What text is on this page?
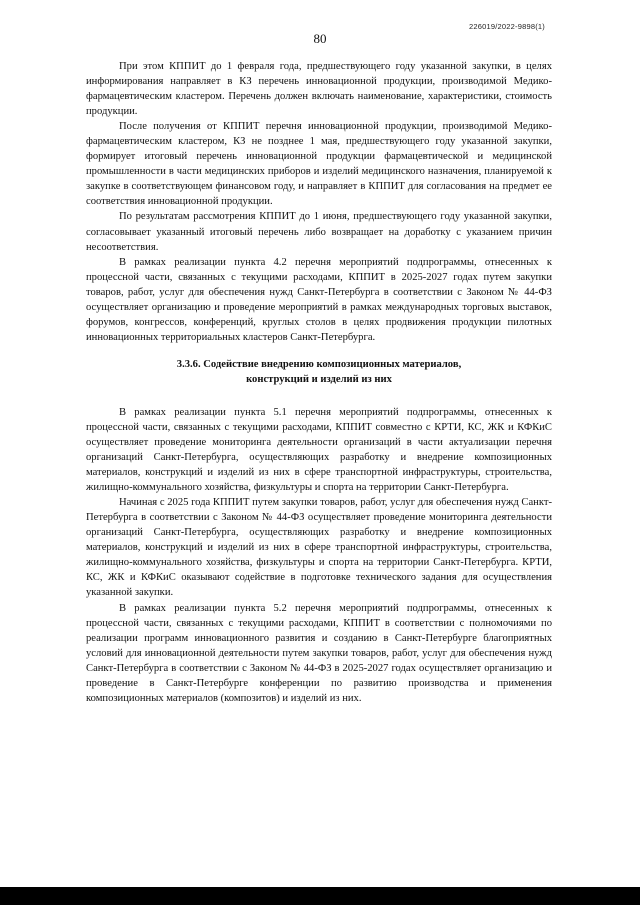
226019/2022-9898(1)
80

При этом КППИТ до 1 февраля года, предшествующего году указанной закупки, в целях информирования направляет в КЗ перечень инновационной продукции, производимой Медико-фармацевтическим кластером. Перечень должен включать наименование, характеристики, стоимость продукции.

После получения от КППИТ перечня инновационной продукции, производимой Медико-фармацевтическим кластером, КЗ не позднее 1 мая, предшествующего году указанной закупки, формирует итоговый перечень инновационной продукции фармацевтической и медицинской промышленности в части медицинских приборов и изделий медицинского назначения, планируемой к закупке в соответствующем финансовом году, и направляет в КППИТ для согласования на предмет ее соответствия инновационной продукции.

По результатам рассмотрения КППИТ до 1 июня, предшествующего году указанной закупки, согласовывает указанный итоговый перечень либо возвращает на доработку с указанием причин несоответствия.

В рамках реализации пункта 4.2 перечня мероприятий подпрограммы, отнесенных к процессной части, связанных с текущими расходами, КППИТ в 2025-2027 годах путем закупки товаров, работ, услуг для обеспечения нужд Санкт-Петербурга в соответствии с Законом № 44-ФЗ осуществляет организацию и проведение мероприятий в рамках международных торговых выставок, форумов, конгрессов, конференций, круглых столов в целях продвижения продукции пилотных инновационных территориальных кластеров Санкт-Петербурга.

3.3.6. Содействие внедрению композиционных материалов,
конструкций и изделий из них

В рамках реализации пункта 5.1 перечня мероприятий подпрограммы, отнесенных к процессной части, связанных с текущими расходами, КППИТ совместно с КРТИ, КС, ЖК и КФКиС осуществляет проведение мониторинга деятельности организаций в части актуализации перечня организаций Санкт-Петербурга, осуществляющих разработку и внедрение композиционных материалов, конструкций и изделий из них в сфере транспортной инфраструктуры, строительства, жилищно-коммунального хозяйства, физкультуры и спорта на территории Санкт-Петербурга.

Начиная с 2025 года КППИТ путем закупки товаров, работ, услуг для обеспечения нужд Санкт-Петербурга в соответствии с Законом № 44-ФЗ осуществляет проведение мониторинга деятельности организаций Санкт-Петербурга, осуществляющих разработку и внедрение композиционных материалов, конструкций и изделий из них в сфере транспортной инфраструктуры, строительства, жилищно-коммунального хозяйства, физкультуры и спорта на территории Санкт-Петербурга. КРТИ, КС, ЖК и КФКиС оказывают содействие в подготовке технического задания для осуществления указанной закупки.

В рамках реализации пункта 5.2 перечня мероприятий подпрограммы, отнесенных к процессной части, связанных с текущими расходами, КППИТ в соответствии с полномочиями по реализации программ инновационного развития и созданию в Санкт-Петербурге благоприятных условий для инновационной деятельности путем закупки товаров, работ, услуг для обеспечения нужд Санкт-Петербурга в соответствии с Законом № 44-ФЗ в 2025-2027 годах осуществляет организацию и проведение в Санкт-Петербурге конференции по развитию производства и применения композиционных материалов (композитов) и изделий из них.
